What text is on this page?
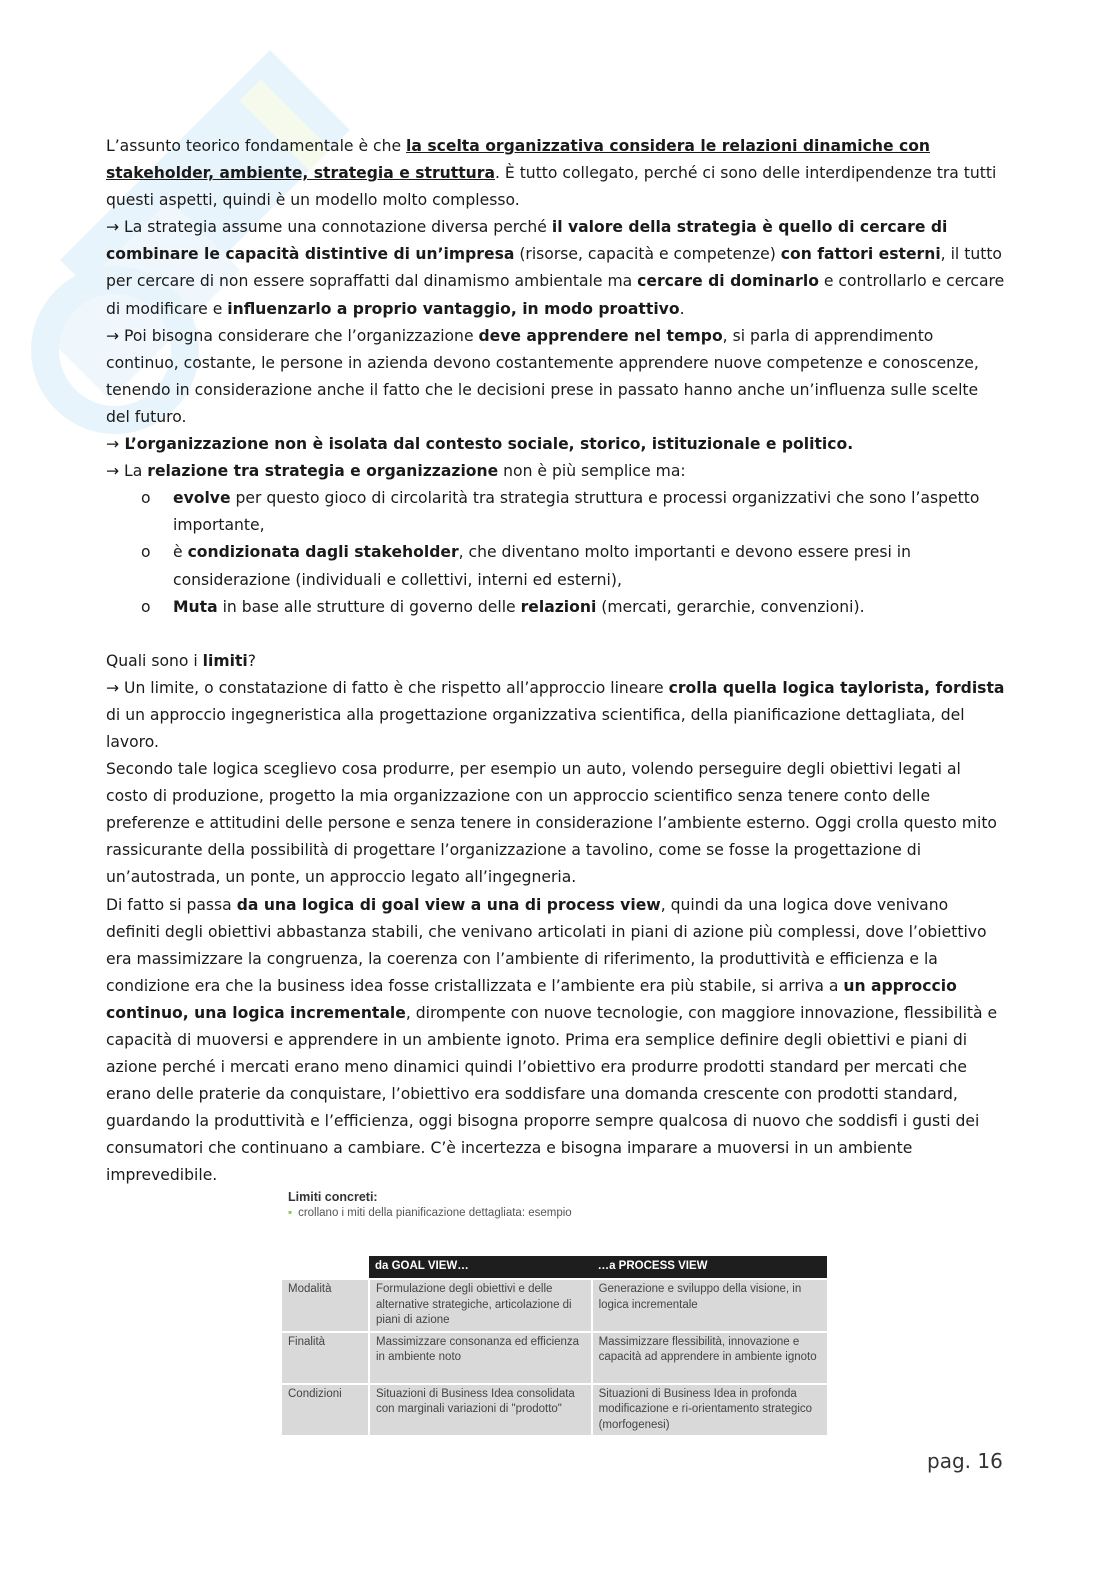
L’assunto teorico fondamentale è che la scelta organizzativa considera le relazioni dinamiche con stakeholder, ambiente, strategia e struttura. È tutto collegato, perché ci sono delle interdipendenze tra tutti questi aspetti, quindi è un modello molto complesso.

→ La strategia assume una connotazione diversa perché il valore della strategia è quello di cercare di combinare le capacità distintive di un’impresa (risorse, capacità e competenze) con fattori esterni, il tutto per cercare di non essere sopraffatti dal dinamismo ambientale ma cercare di dominarlo e controllarlo e cercare di modificare e influenzarlo a proprio vantaggio, in modo proattivo.

→ Poi bisogna considerare che l’organizzazione deve apprendere nel tempo, si parla di apprendimento continuo, costante, le persone in azienda devono costantemente apprendere nuove competenze e conoscenze, tenendo in considerazione anche il fatto che le decisioni prese in passato hanno anche un’influenza sulle scelte del futuro.

→ L’organizzazione non è isolata dal contesto sociale, storico, istituzionale e politico.

→ La relazione tra strategia e organizzazione non è più semplice ma:

o evolve per questo gioco di circolarità tra strategia struttura e processi organizzativi che sono l’aspetto importante,
o è condizionata dagli stakeholder, che diventano molto importanti e devono essere presi in considerazione (individuali e collettivi, interni ed esterni),
o Muta in base alle strutture di governo delle relazioni (mercati, gerarchie, convenzioni).

Quali sono i limiti?

→ Un limite, o constatazione di fatto è che rispetto all’approccio lineare crolla quella logica taylorista, fordista di un approccio ingegneristica alla progettazione organizzativa scientifica, della pianificazione dettagliata, del lavoro.

Secondo tale logica sceglievo cosa produrre, per esempio un auto, volendo perseguire degli obiettivi legati al costo di produzione, progetto la mia organizzazione con un approccio scientifico senza tenere conto delle preferenze e attitudini delle persone e senza tenere in considerazione l’ambiente esterno. Oggi crolla questo mito rassicurante della possibilità di progettare l’organizzazione a tavolino, come se fosse la progettazione di un’autostrada, un ponte, un approccio legato all’ingegneria.

Di fatto si passa da una logica di goal view a una di process view, quindi da una logica dove venivano definiti degli obiettivi abbastanza stabili, che venivano articolati in piani di azione più complessi, dove l’obiettivo era massimizzare la congruenza, la coerenza con l’ambiente di riferimento, la produttività e efficienza e la condizione era che la business idea fosse cristallizzata e l’ambiente era più stabile, si arriva a un approccio continuo, una logica incrementale, dirompente con nuove tecnologie, con maggiore innovazione, flessibilità e capacità di muoversi e apprendere in un ambiente ignoto. Prima era semplice definire degli obiettivi e piani di azione perché i mercati erano meno dinamici quindi l’obiettivo era produrre prodotti standard per mercati che erano delle praterie da conquistare, l’obiettivo era soddisfare una domanda crescente con prodotti standard, guardando la produttività e l’efficienza, oggi bisogna proporre sempre qualcosa di nuovo che soddisfi i gusti dei consumatori che continuano a cambiare. C’è incertezza e bisogna imparare a muoversi in un ambiente imprevedibile.

Limiti concreti:
▪ crollano i miti della pianificazione dettagliata: esempio
	da GOAL VIEW…	…a PROCESS VIEW
Modalità	Formulazione degli obiettivi e delle alternative strategiche, articolazione di piani di azione	Generazione e sviluppo della visione, in logica incrementale
Finalità	Massimizzare consonanza ed efficienza in ambiente noto	Massimizzare flessibilità, innovazione e capacità ad apprendere in ambiente ignoto
Condizioni	Situazioni di Business Idea consolidata con marginali variazioni di "prodotto"	Situazioni di Business Idea in profonda modificazione e ri-orientamento strategico (morfogenesi)
pag. 16
